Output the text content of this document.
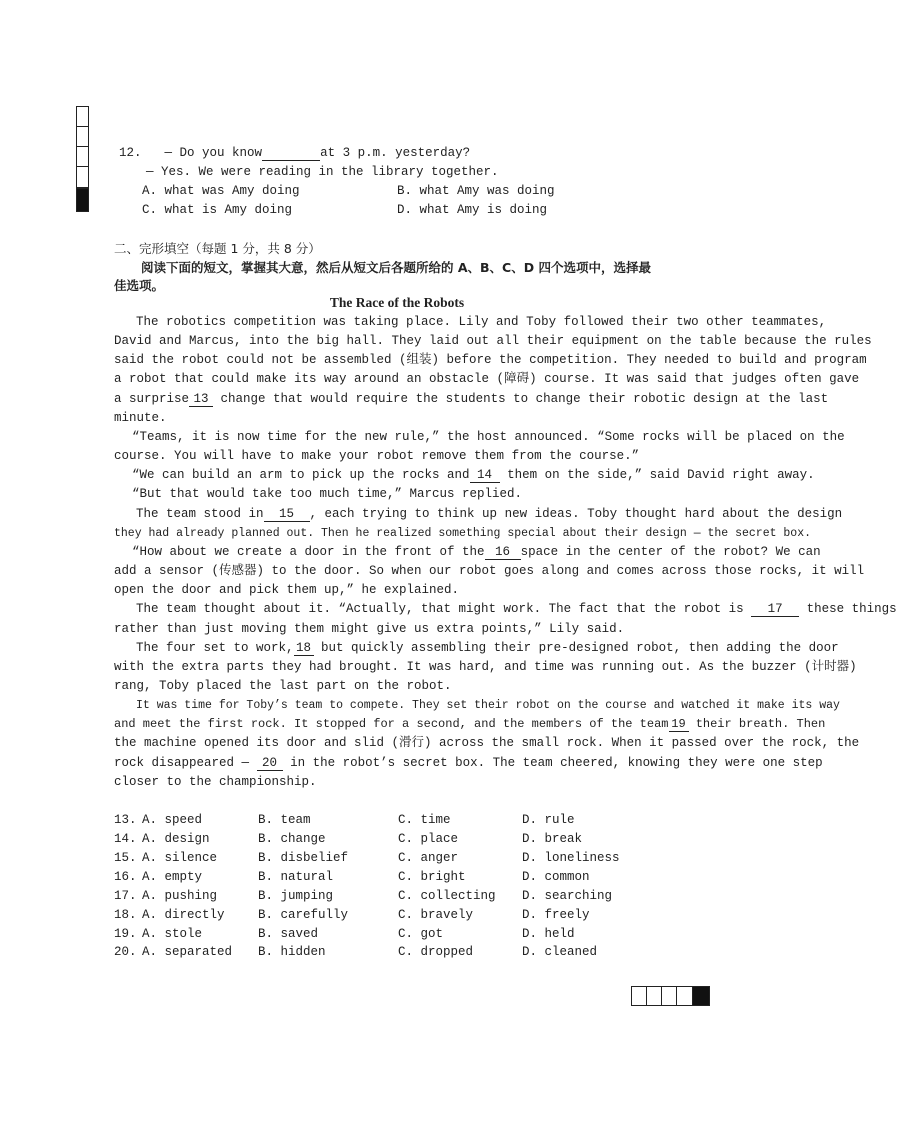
12. — Do you know	at 3 p.m. yesterday?
— Yes. We were reading in the library together.
A. what was Amy doing	B. what Amy was doing
C. what is Amy doing	D. what Amy is doing
二、完形填空（每题 1 分，共 8 分）
阅读下面的短文，掌握其大意，然后从短文后各题所给的 A、B、C、D 四个选项中，选择最
佳选项。
The Race of the Robots
The robotics competition was taking place. Lily and Toby followed their two other teammates,
David and Marcus, into the big hall. They laid out all their equipment on the table because the rules
said the robot could not be assembled (组装) before the competition. They needed to build and program
a robot that could make its way around an obstacle (障碍) course. It was said that judges often gave
a surprise 13 change that would require the students to change their robotic design at the last
minute.
“Teams, it is now time for the new rule,” the host announced. “Some rocks will be placed on the
course. You will have to make your robot remove them from the course.”
“We can build an arm to pick up the rocks and 14 them on the side,” said David right away.
“But that would take too much time,” Marcus replied.
The team stood in 15 , each trying to think up new ideas. Toby thought hard about the design
they had already planned out. Then he realized something special about their design — the secret box.
“How about we create a door in the front of the 16 space in the center of the robot? We can
add a sensor (传感器) to the door. So when our robot goes along and comes across those rocks, it will
open the door and pick them up,” he explained.
The team thought about it. “Actually, that might work. The fact that the robot is 17 these things
rather than just moving them might give us extra points,” Lily said.
The four set to work, 18 but quickly assembling their pre-designed robot, then adding the door
with the extra parts they had brought. It was hard, and time was running out. As the buzzer (计时器)
rang, Toby placed the last part on the robot.
It was time for Toby’s team to compete. They set their robot on the course and watched it make its way
and meet the first rock. It stopped for a second, and the members of the team 19 their breath. Then
the machine opened its door and slid (滑行) across the small rock. When it passed over the rock, the
rock disappeared — 20 in the robot’s secret box. The team cheered, knowing they were one step
closer to the championship.
13. A. speed	B. team	C. time	D. rule
14. A. design	B. change	C. place	D. break
15. A. silence	B. disbelief	C. anger	D. loneliness
16. A. empty	B. natural	C. bright	D. common
17. A. pushing	B. jumping	C. collecting D. searching
18. A. directly	B. carefully	C. bravely	D. freely
19. A. stole	B. saved	C. got	D. held
20. A. separated B. hidden	C. dropped	D. cleaned
